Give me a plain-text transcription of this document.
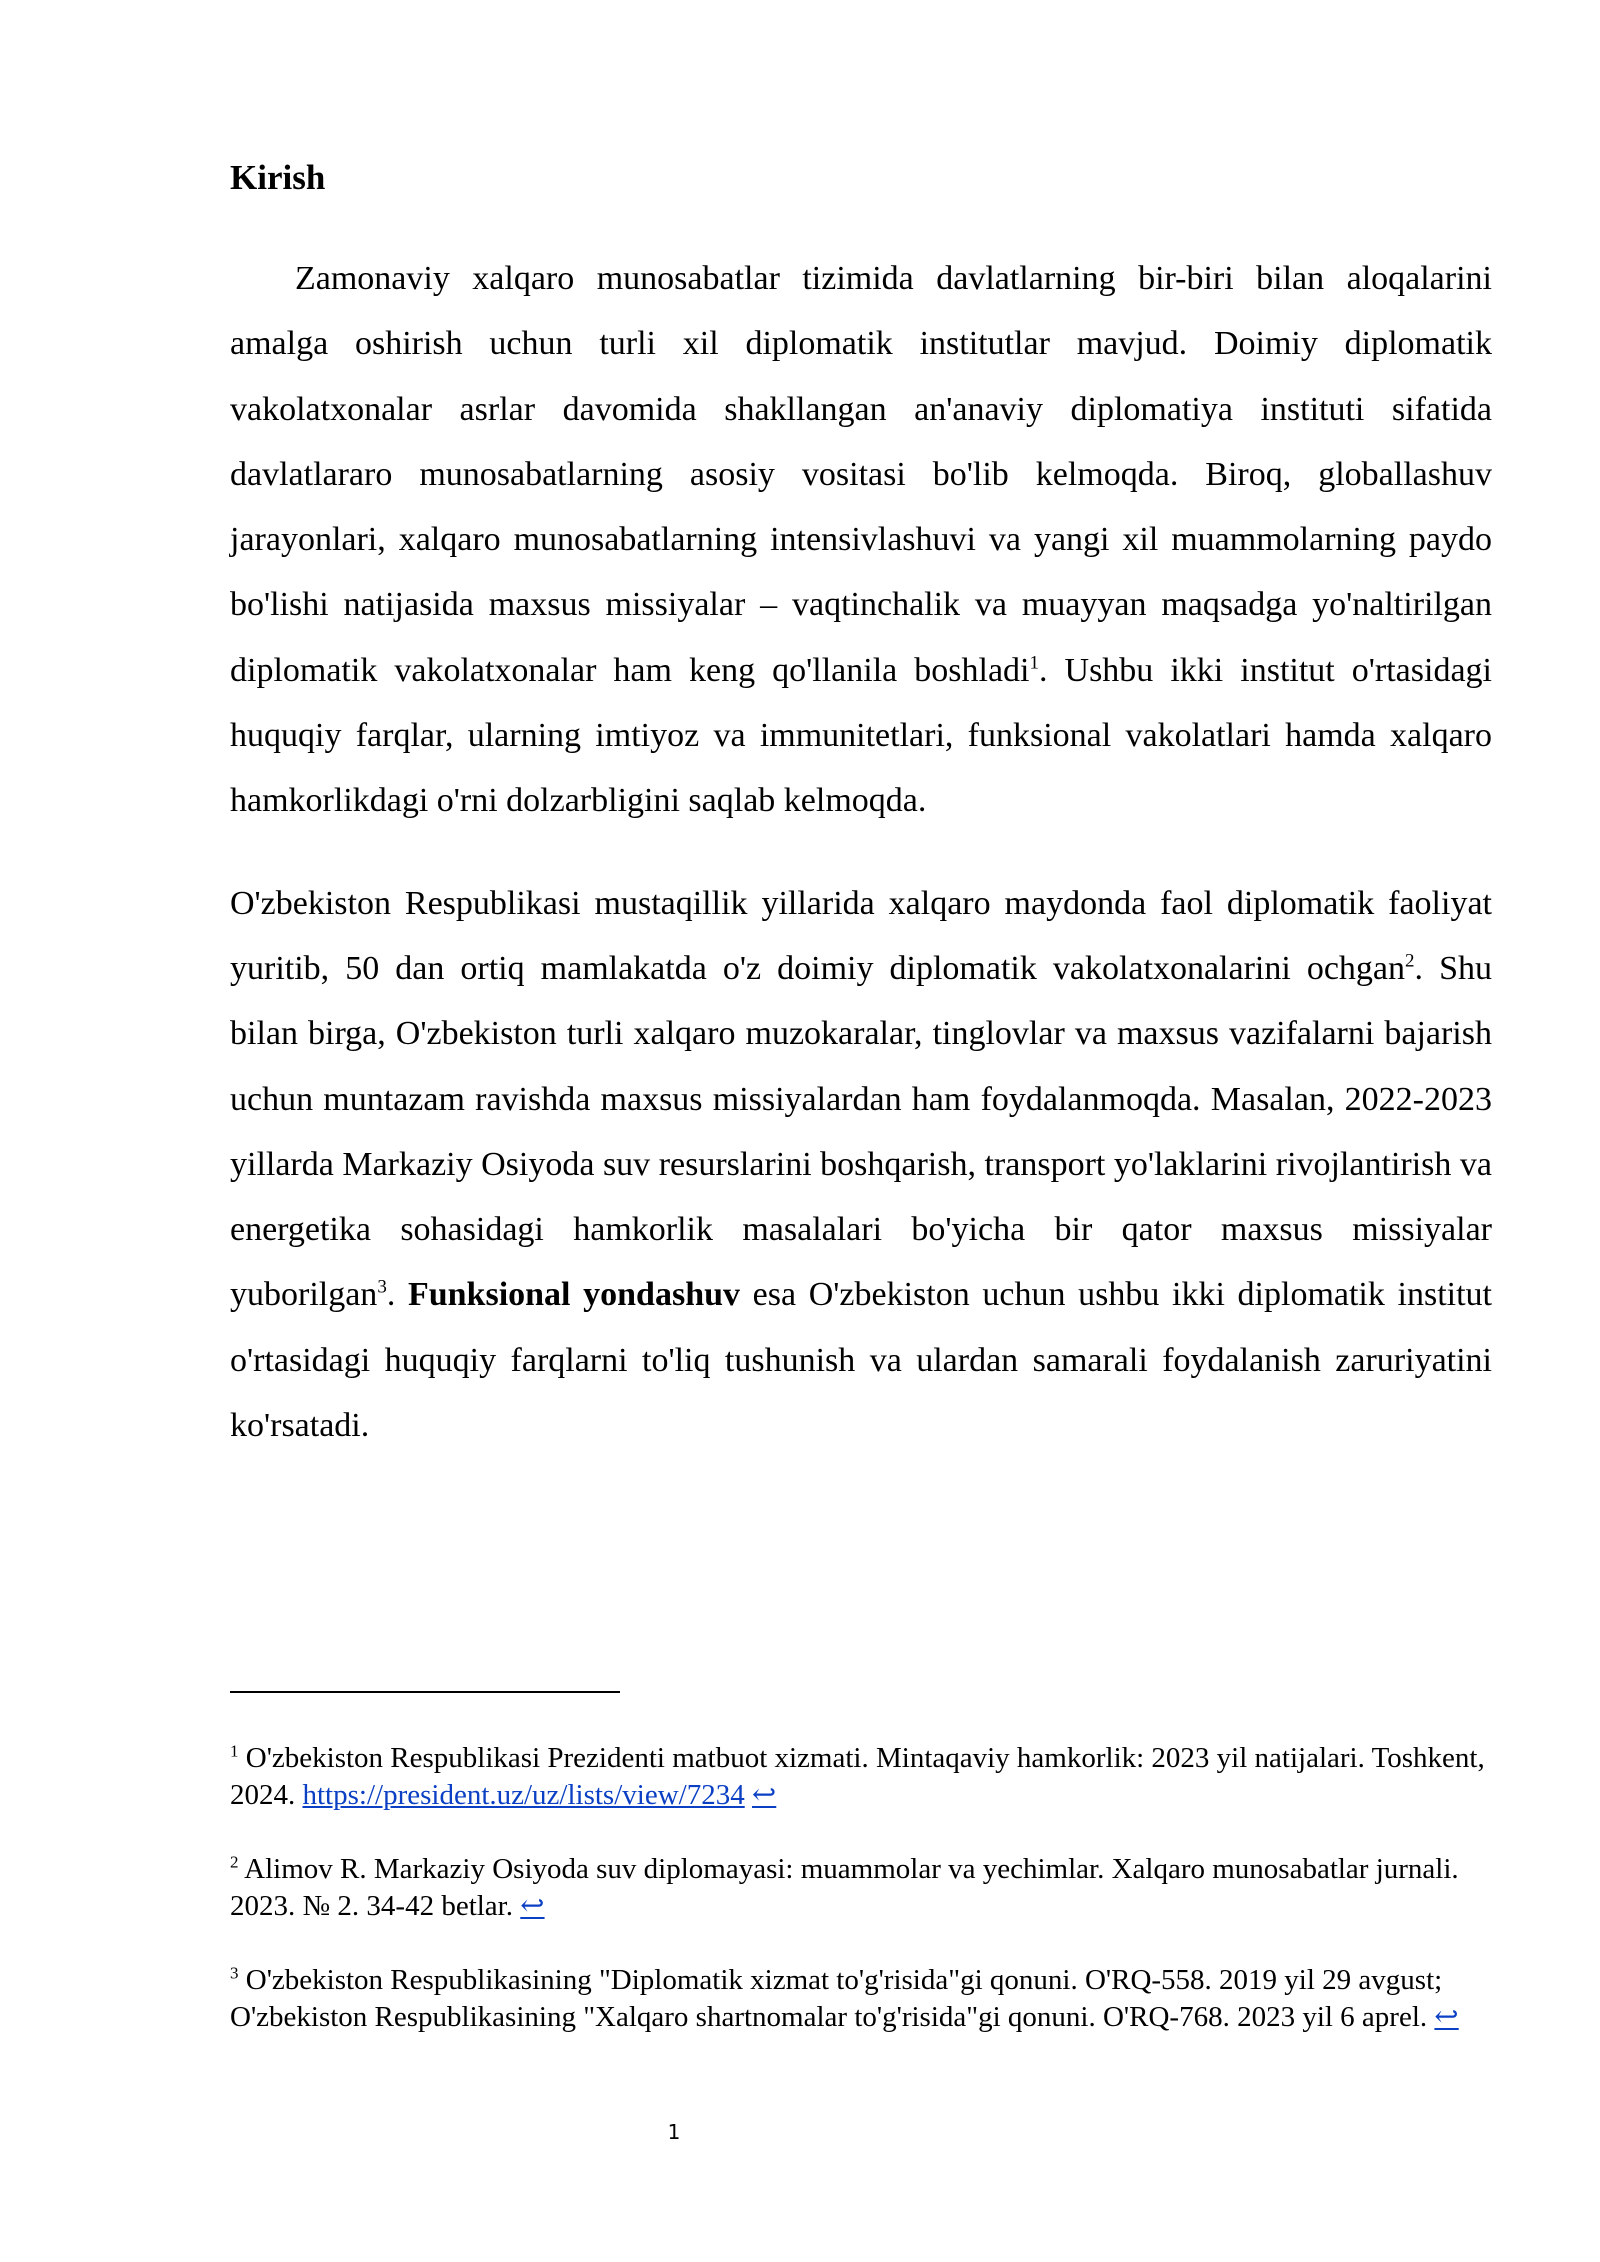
Kirish

Zamonaviy xalqaro munosabatlar tizimida davlatlarning bir-biri bilan aloqalarini amalga oshirish uchun turli xil diplomatik institutlar mavjud. Doimiy diplomatik vakolatxonalar asrlar davomida shakllangan an'anaviy diplomatiya instituti sifatida davlatlararo munosabatlarning asosiy vositasi bo'lib kelmoqda. Biroq, globallashuv jarayonlari, xalqaro munosabatlarning intensivlashuvi va yangi xil muammolarning paydo bo'lishi natijasida maxsus missiyalar – vaqtinchalik va muayyan maqsadga yo'naltirilgan diplomatik vakolatxonalar ham keng qo'llanila boshladi$^1$. Ushbu ikki institut o'rtasidagi huquqiy farqlar, ularning imtiyoz va immunitetlari, funksional vakolatlari hamda xalqaro hamkorlikdagi o'rni dolzarbligini saqlab kelmoqda.

O'zbekiston Respublikasi mustaqillik yillarida xalqaro maydonda faol diplomatik faoliyat yuritib, 50 dan ortiq mamlakatda o'z doimiy diplomatik vakolatxonalarini ochgan$^2$. Shu bilan birga, O'zbekiston turli xalqaro muzokaralar, tinglovlar va maxsus vazifalarni bajarish uchun muntazam ravishda maxsus missiyalardan ham foydalanmoqda. Masalan, 2022-2023 yillarda Markaziy Osiyoda suv resurslarini boshqarish, transport yo'laklarini rivojlantirish va energetika sohasidagi hamkorlik masalalari bo'yicha bir qator maxsus missiyalar yuborilgan$^3$. Funksional yondashuv esa O'zbekiston uchun ushbu ikki diplomatik institut o'rtasidagi huquqiy farqlarni to'liq tushunish va ulardan samarali foydalanish zaruriyatini ko'rsatadi.

$^1$ O'zbekiston Respublikasi Prezidenti matbuot xizmati. Mintaqaviy hamkorlik: 2023 yil natijalari. Toshkent, 2024. https://president.uz/uz/lists/view/7234 ↩

$^2$ Alimov R. Markaziy Osiyoda suv diplomayasi: muammolar va yechimlar. Xalqaro munosabatlar jurnali. 2023. № 2. 34-42 betlar. ↩

$^3$ O'zbekiston Respublikasining "Diplomatik xizmat to'g'risida"gi qonuni. O'RQ-558. 2019 yil 29 avgust; O'zbekiston Respublikasining "Xalqaro shartnomalar to'g'risida"gi qonuni. O'RQ-768. 2023 yil 6 aprel. ↩

1
